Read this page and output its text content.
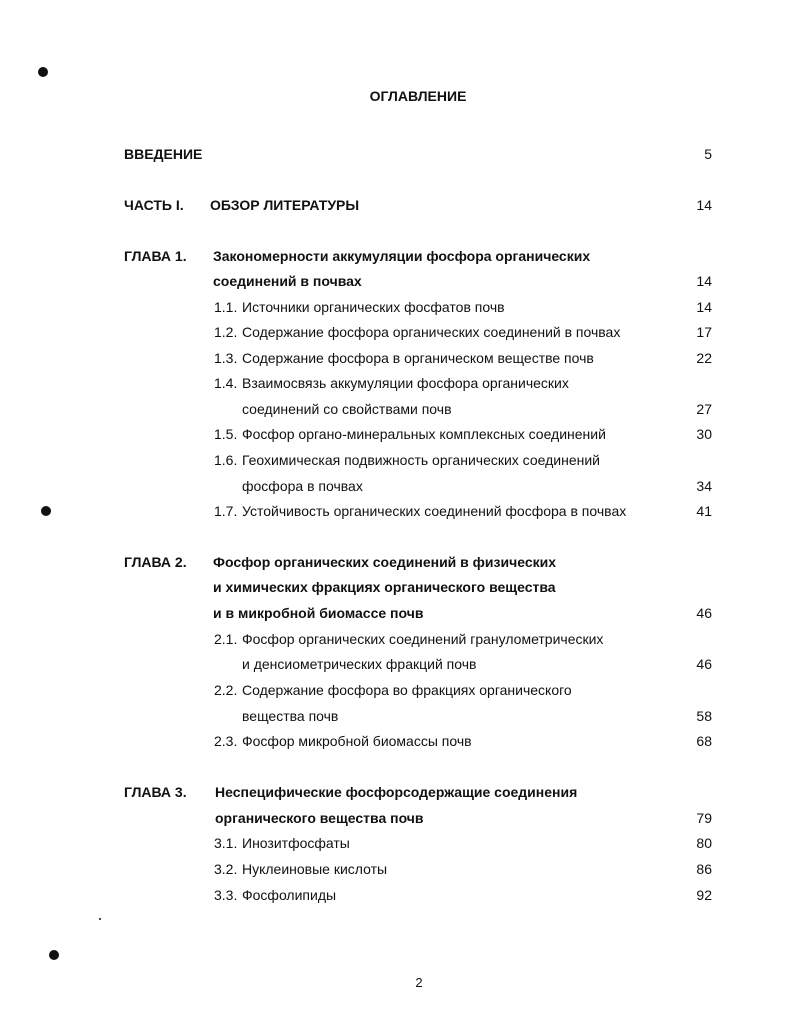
ОГЛАВЛЕНИЕ
ВВЕДЕНИЕ	5
ЧАСТЬ I. ОБЗОР ЛИТЕРАТУРЫ	14
ГЛАВА 1. Закономерности аккумуляции фосфора органических
соединений в почвах	14
1.1. Источники органических фосфатов почв	14
1.2. Содержание фосфора органических соединений в почвах	17
1.3. Содержание фосфора в органическом веществе почв	22
1.4. Взаимосвязь аккумуляции фосфора органических
соединений со свойствами почв	27
1.5. Фосфор органо-минеральных комплексных соединений	30
1.6. Геохимическая подвижность органических соединений
фосфора в почвах	34
1.7. Устойчивость органических соединений фосфора в почвах	41
ГЛАВА 2. Фосфор органических соединений в физических
и химических фракциях органического вещества
и в микробной биомассе почв	46
2.1. Фосфор органических соединений гранулометрических
и денсиометрических фракций почв	46
2.2. Содержание фосфора во фракциях органического
вещества почв	58
2.3. Фосфор микробной биомассы почв	68
ГЛАВА 3. Неспецифические фосфорсодержащие соединения
органического вещества почв	79
3.1. Инозитфосфаты	80
3.2. Нуклеиновые кислоты	86
3.3. Фосфолипиды	92
2
